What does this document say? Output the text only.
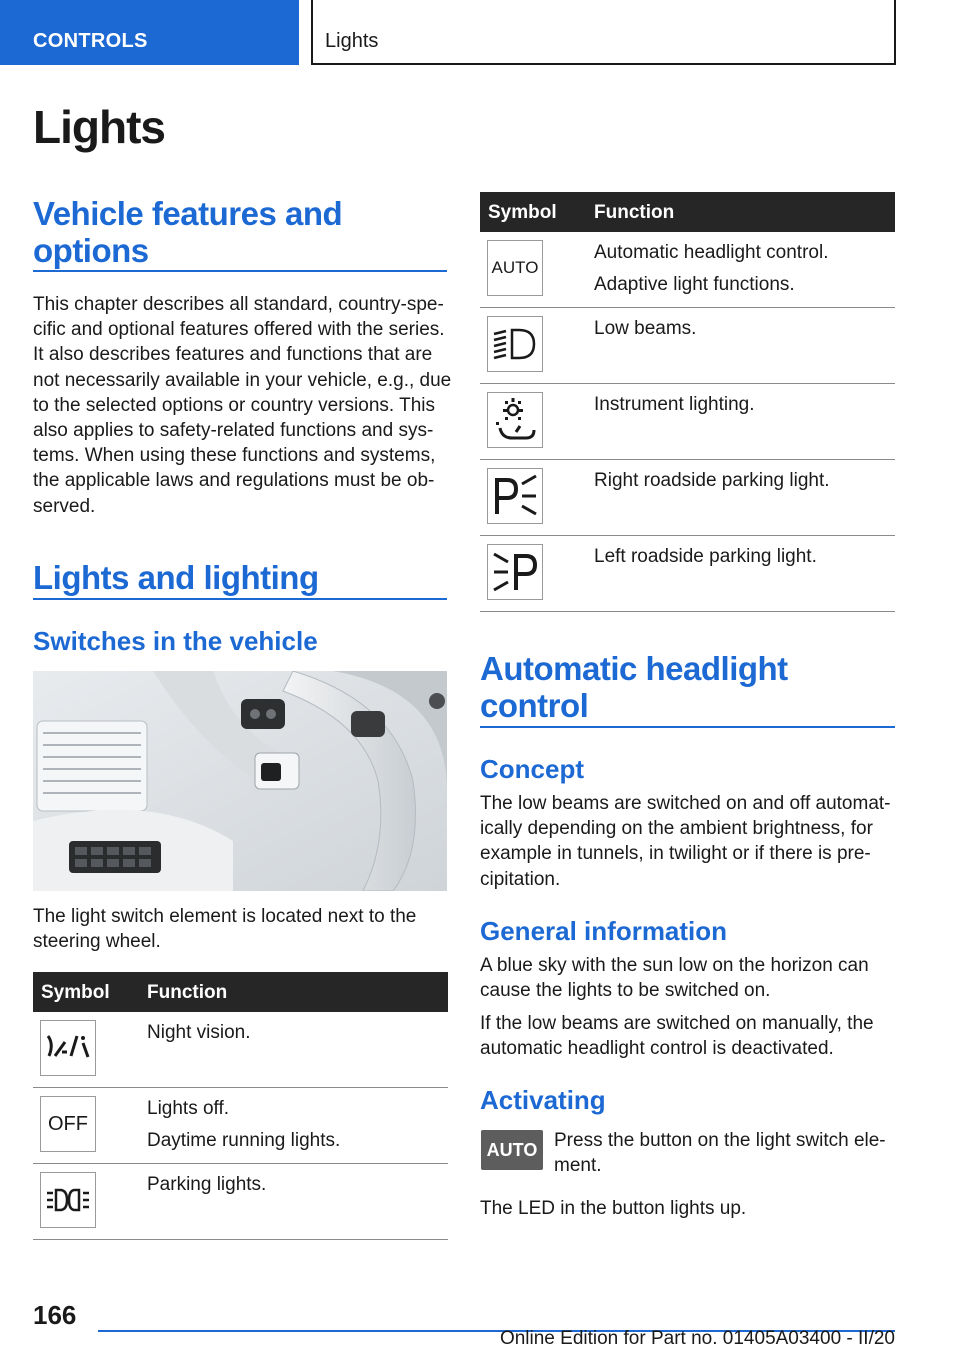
CONTROLS	Lights
Lights
Vehicle features and
options
This chapter describes all standard, country-spe‐
cific and optional features offered with the series.
It also describes features and functions that are
not necessarily available in your vehicle, e.g., due
to the selected options or country versions. This
also applies to safety-related functions and sys‐
tems. When using these functions and systems,
the applicable laws and regulations must be ob‐
served.
Lights and lighting
Switches in the vehicle
The light switch element is located next to the
steering wheel.
Symbol Function
Night vision.
OFF
Lights off.
Daytime running lights.
Parking lights.
Symbol Function
AUTO
Automatic headlight control.
Adaptive light functions.
Low beams.
Instrument lighting.
Right roadside parking light.
Left roadside parking light.
Automatic headlight
control
Concept
The low beams are switched on and off automat‐
ically depending on the ambient brightness, for
example in tunnels, in twilight or if there is pre‐
cipitation.
General information
A blue sky with the sun low on the horizon can
cause the lights to be switched on.
If the low beams are switched on manually, the
automatic headlight control is deactivated.
Activating
AUTO Press the button on the light switch ele‐
ment.
The LED in the button lights up.
166
Online Edition for Part no. 01405A03400 - II/20
